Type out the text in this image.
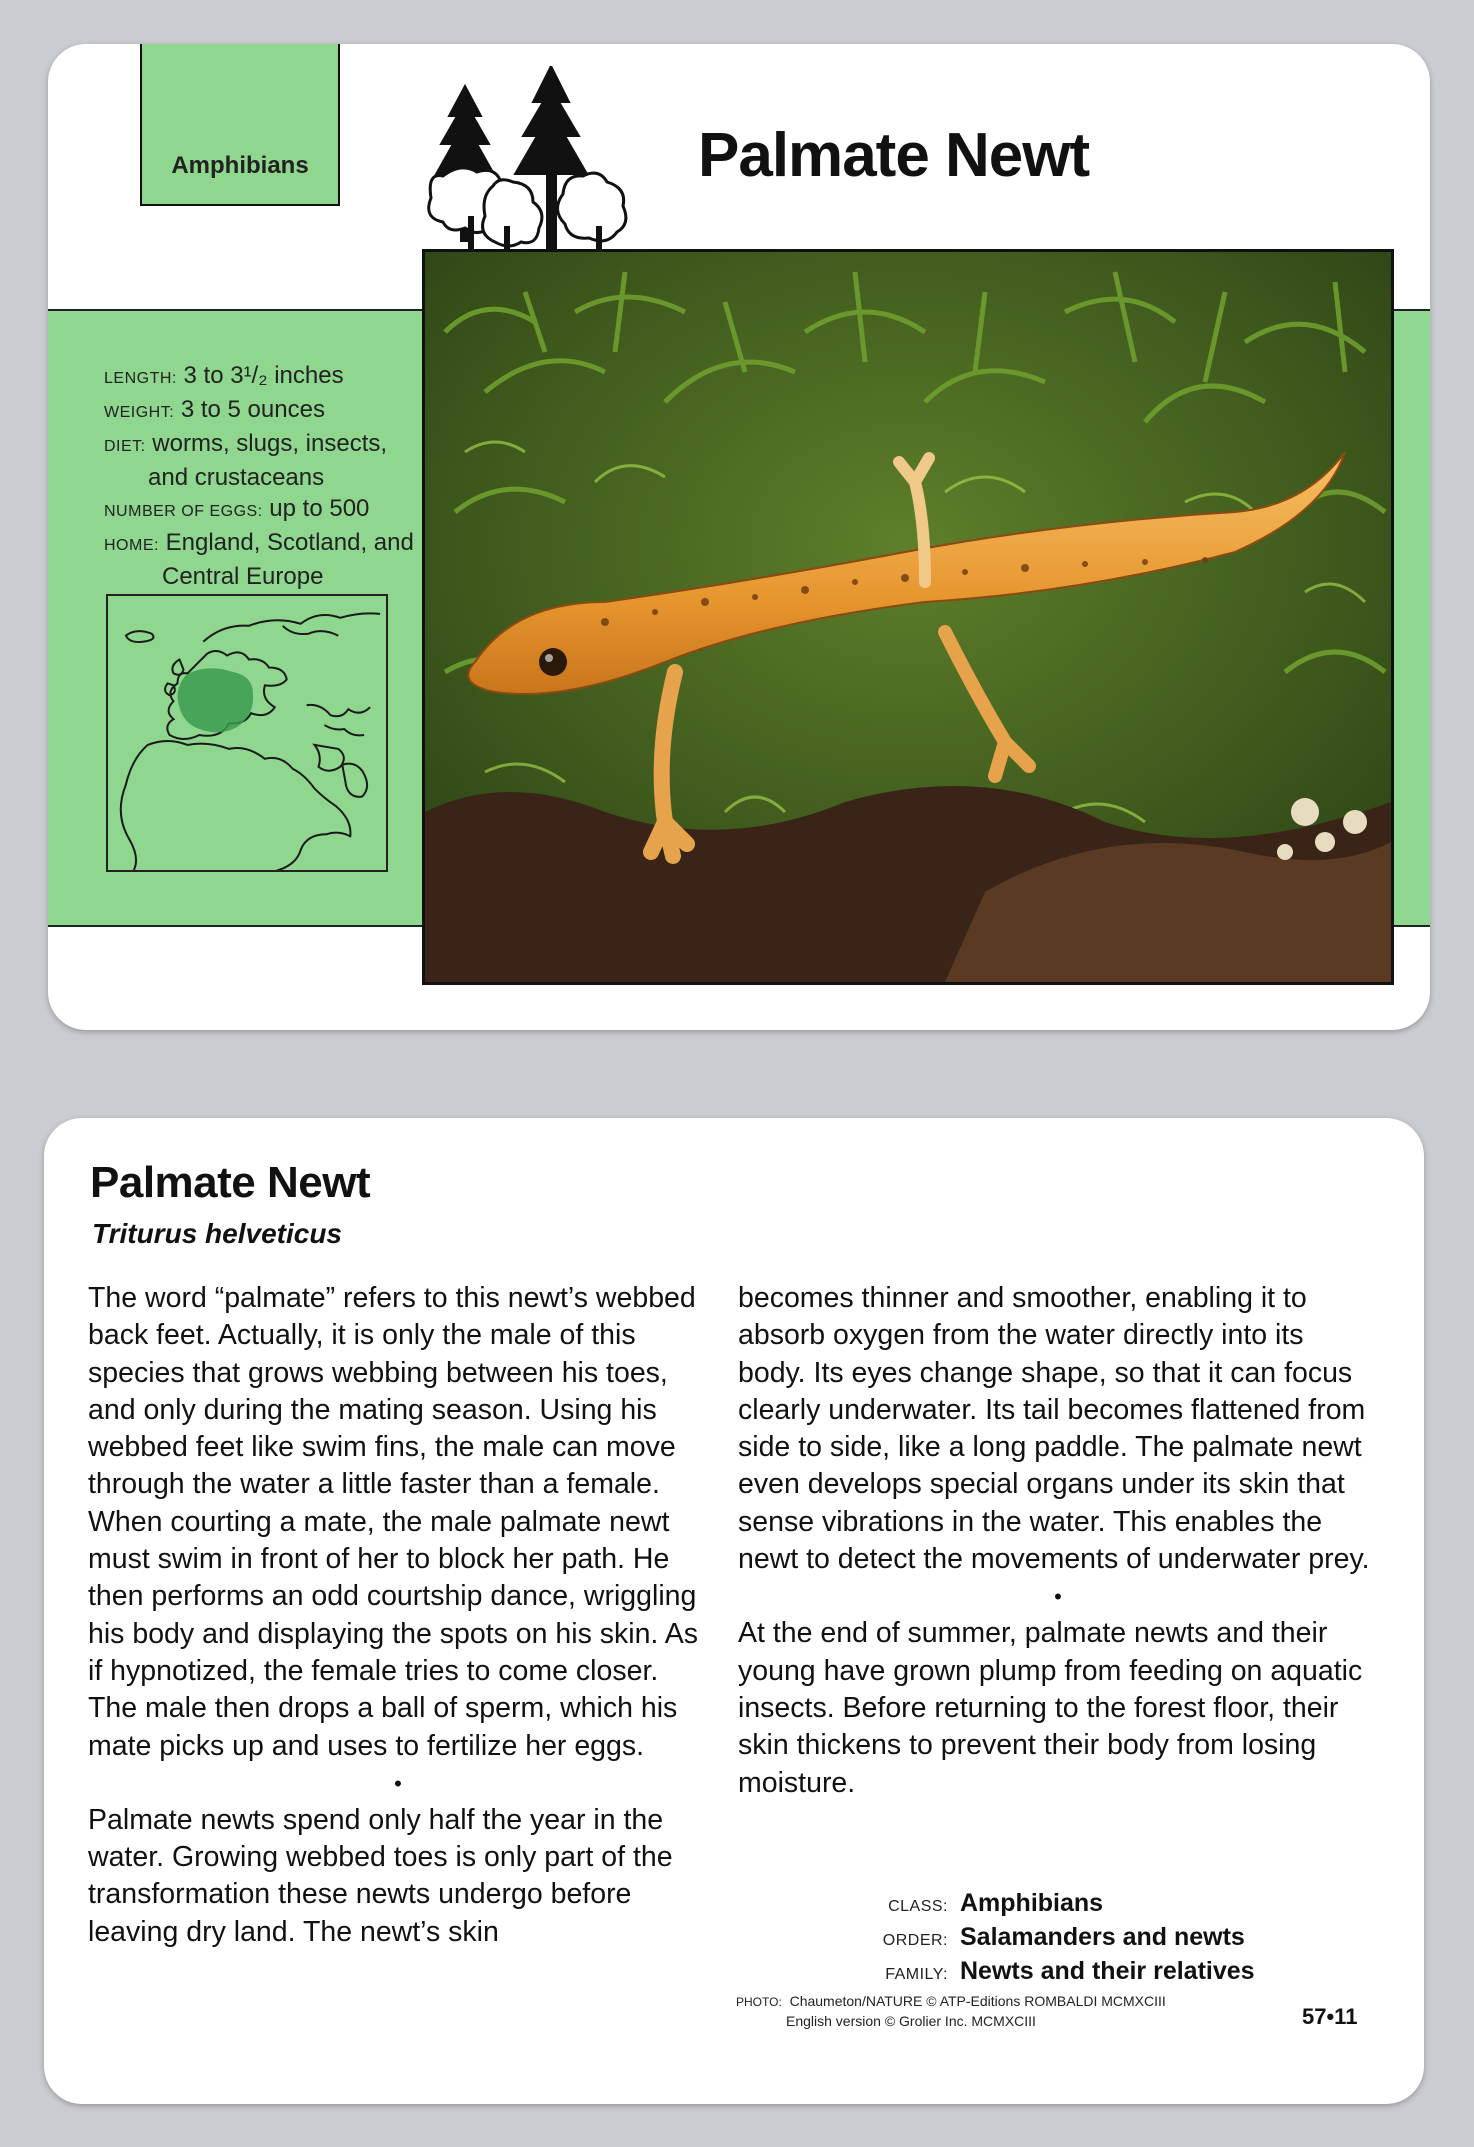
Amphibians	Palmate Newt
LENGTH: 3 to 3¹/₂ inches
WEIGHT: 3 to 5 ounces
DIET: worms, slugs, insects,
and crustaceans
NUMBER OF EGGS: up to 500
HOME: England, Scotland, and
Central Europe
Palmate Newt
Triturus helveticus

The word “palmate” refers to this newt’s webbed back feet. Actually, it is only the male of this species that grows webbing between his toes, and only during the mating season. Using his webbed feet like swim fins, the male can move through the water a little faster than a female. When courting a mate, the male palmate newt must swim in front of her to block her path. He then performs an odd courtship dance, wriggling his body and displaying the spots on his skin. As if hypnotized, the female tries to come closer. The male then drops a ball of sperm, which his mate picks up and uses to fertilize her eggs.

•

Palmate newts spend only half the year in the water. Growing webbed toes is only part of the transformation these newts undergo before leaving dry land. The newt’s skin

becomes thinner and smoother, enabling it to absorb oxygen from the water directly into its body. Its eyes change shape, so that it can focus clearly underwater. Its tail becomes flattened from side to side, like a long paddle. The palmate newt even develops special organs under its skin that sense vibrations in the water. This enables the newt to detect the movements of underwater prey.

•

At the end of summer, palmate newts and their young have grown plump from feeding on aquatic insects. Before returning to the forest floor, their skin thickens to prevent their body from losing moisture.

CLASS: Amphibians
ORDER: Salamanders and newts
FAMILY: Newts and their relatives
PHOTO: Chaumeton/NATURE © ATP-Editions ROMBALDI MCMXCIII
English version © Grolier Inc. MCMXCIII	57•11
